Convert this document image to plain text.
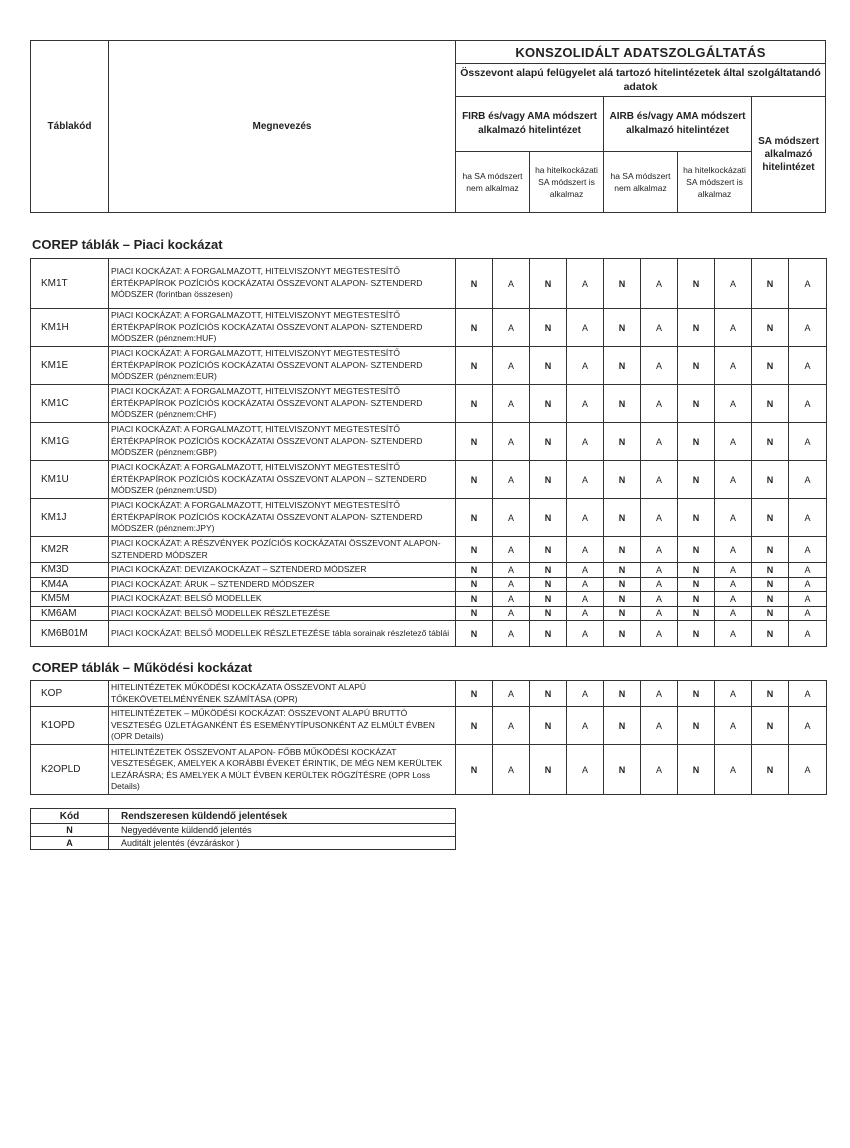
Táblakód	Megnevezés	KONSZOLIDÁLT ADATSZOLGÁLTATÁS				
		Összevont alapú felügyelet alá tartozó hitelintézetek által szolgáltatandó adatok				
		FIRB és/vagy AMA módszert alkalmazó hitelintézet		AIRB és/vagy AMA módszert alkalmazó hitelintézet		SA módszert alkalmazó hitelintézet
		ha SA módszert nem alkalmaz	ha hitelkockázati SA módszert is alkalmaz	ha SA módszert nem alkalmaz	ha hitelkockázati SA módszert is alkalmaz	
COREP táblák – Piaci kockázat
KM1T	PIACI KOCKÁZAT: A FORGALMAZOTT, HITELVISZONYT MEGTESTESÍTŐ ÉRTÉKPAPÍROK POZÍCIÓS KOCKÁZATAI ÖSSZEVONT ALAPON- SZTENDERD MÓDSZER (forintban összesen)	N	A	N	A	N	A	N	A	N	A
KM1H	PIACI KOCKÁZAT: A FORGALMAZOTT, HITELVISZONYT MEGTESTESÍTŐ ÉRTÉKPAPÍROK POZÍCIÓS KOCKÁZATAI ÖSSZEVONT ALAPON- SZTENDERD MÓDSZER (pénznem:HUF)	N	A	N	A	N	A	N	A	N	A
KM1E	PIACI KOCKÁZAT: A FORGALMAZOTT, HITELVISZONYT MEGTESTESÍTŐ ÉRTÉKPAPÍROK POZÍCIÓS KOCKÁZATAI ÖSSZEVONT ALAPON- SZTENDERD MÓDSZER (pénznem:EUR)	N	A	N	A	N	A	N	A	N	A
KM1C	PIACI KOCKÁZAT: A FORGALMAZOTT, HITELVISZONYT MEGTESTESÍTŐ ÉRTÉKPAPÍROK POZÍCIÓS KOCKÁZATAI ÖSSZEVONT ALAPON- SZTENDERD MÓDSZER (pénznem:CHF)	N	A	N	A	N	A	N	A	N	A
KM1G	PIACI KOCKÁZAT: A FORGALMAZOTT, HITELVISZONYT MEGTESTESÍTŐ ÉRTÉKPAPÍROK POZÍCIÓS KOCKÁZATAI ÖSSZEVONT ALAPON- SZTENDERD MÓDSZER (pénznem:GBP)	N	A	N	A	N	A	N	A	N	A
KM1U	PIACI KOCKÁZAT: A FORGALMAZOTT, HITELVISZONYT MEGTESTESÍTŐ ÉRTÉKPAPÍROK POZÍCIÓS KOCKÁZATAI ÖSSZEVONT ALAPON – SZTENDERD MÓDSZER (pénznem:USD)	N	A	N	A	N	A	N	A	N	A
KM1J	PIACI KOCKÁZAT: A FORGALMAZOTT, HITELVISZONYT MEGTESTESÍTŐ ÉRTÉKPAPÍROK POZÍCIÓS KOCKÁZATAI ÖSSZEVONT ALAPON- SZTENDERD MÓDSZER (pénznem:JPY)	N	A	N	A	N	A	N	A	N	A
KM2R	PIACI KOCKÁZAT: A RÉSZVÉNYEK POZÍCIÓS KOCKÁZATAI ÖSSZEVONT ALAPON- SZTENDERD MÓDSZER	N	A	N	A	N	A	N	A	N	A
KM3D	PIACI KOCKÁZAT: DEVIZAKOCKÁZAT – SZTENDERD MÓDSZER	N	A	N	A	N	A	N	A	N	A
KM4A	PIACI KOCKÁZAT: ÁRUK – SZTENDERD MÓDSZER	N	A	N	A	N	A	N	A	N	A
KM5M	PIACI KOCKÁZAT: BELSŐ MODELLEK	N	A	N	A	N	A	N	A	N	A
KM6AM	PIACI KOCKÁZAT: BELSŐ MODELLEK RÉSZLETEZÉSE	N	A	N	A	N	A	N	A	N	A
KM6B01M	PIACI KOCKÁZAT: BELSŐ MODELLEK RÉSZLETEZÉSE tábla sorainak részletező táblái	N	A	N	A	N	A	N	A	N	A
COREP táblák – Működési kockázat
KOP	HITELINTÉZETEK MŰKÖDÉSI KOCKÁZATA ÖSSZEVONT ALAPÚ TŐKEKÖVETELMÉNYÉNEK SZÁMÍTÁSA (OPR)	N	A	N	A	N	A	N	A	N	A
K1OPD	HITELINTÉZETEK – MŰKÖDÉSI KOCKÁZAT: ÖSSZEVONT ALAPÚ BRUTTÓ VESZTESÉG ÜZLETÁGANKÉNT ÉS ESEMÉNYTÍPUSONKÉNT AZ ELMÚLT ÉVBEN (OPR Details)	N	A	N	A	N	A	N	A	N	A
K2OPLD	HITELINTÉZETEK ÖSSZEVONT ALAPON- FŐBB MŰKÖDÉSI KOCKÁZAT VESZTESÉGEK, AMELYEK A KORÁBBI ÉVEKET ÉRINTIK, DE MÉG NEM KERÜLTEK LEZÁRÁSRA; ÉS AMELYEK A MÚLT ÉVBEN KERÜLTEK RÖGZÍTÉSRE (OPR Loss Details)	N	A	N	A	N	A	N	A	N	A
Kód	Rendszeresen küldendő jelentések
N	Negyedévente küldendő jelentés
A	Auditált jelentés (évzáráskor )
